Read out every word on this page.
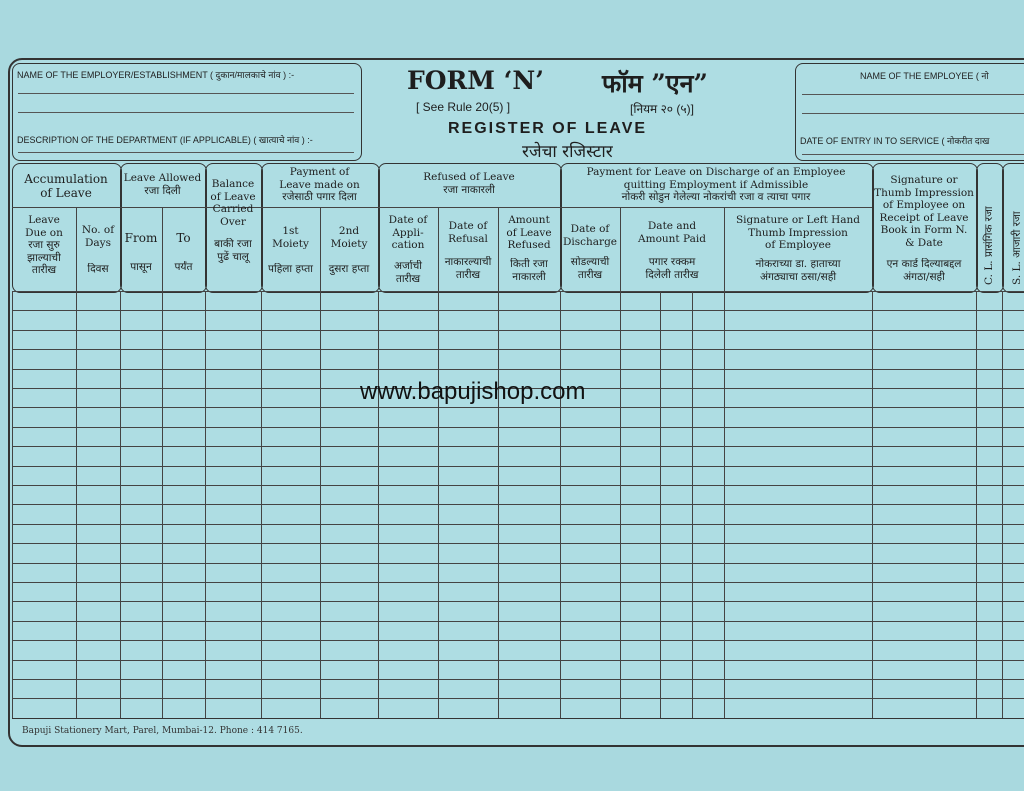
NAME OF THE EMPLOYER/ESTABLISHMENT ( दुकान/मालकाचे नांव ) :-
DESCRIPTION OF THE DEPARTMENT (IF APPLICABLE) ( खात्याचे नांव ) :-
FORM ‘N’ फॉम ”एन”
[ See Rule 20(5) ]	[नियम २० (५)]
REGISTER OF LEAVE
रजेचा रजिस्टार
NAME OF THE EMPLOYEE ( नो
DATE OF ENTRY IN TO SERVICE ( नोकरीत दाख
Accumulation
of Leave
Leave Allowed
रजा दिली
Balance
of Leave
Carried
Over
बाकी रजा
पुढें चालू
Payment of
Leave made on
रजेसाठी पगार दिला
Refused of Leave
रजा नाकारली
Payment for Leave on Discharge of an Employee
quitting Employment if Admissible
नोकरी सोडुन गेलेल्या नोकरांची रजा व त्याचा पगार
Signature or
Thumb Impression
of Employee on
Receipt of Leave
Book in Form N.
& Date
एन कार्ड दिल्याबद्दल
अंगठा/सही
Leave
Due on
रजा सुरु
झाल्याची
तारीख
No. of
Days
दिवस
From
पासून
To
पर्यंत
1st
Moiety
पहिला हप्ता
2nd
Moiety
दुसरा हप्ता
Date of
Appli-
cation
अर्जाची
तारीख
Date of
Refusal
नाकारल्याची
तारीख
Amount
of Leave
Refused
किती रजा
नाकारली
Date of
Discharge
सोडल्याची
तारीख
Date and
Amount Paid
पगार रक्कम
दिलेली तारीख
Signature or Left Hand
Thumb Impression
of Employee
नोकराच्या डा. हाताच्या
अंगठ्याचा ठसा/सही	C. L. प्रासंगिक रजा S. L. आजारी रजा
www.bapujishop.com
Bapuji Stationery Mart, Parel, Mumbai-12. Phone : 414 7165.
